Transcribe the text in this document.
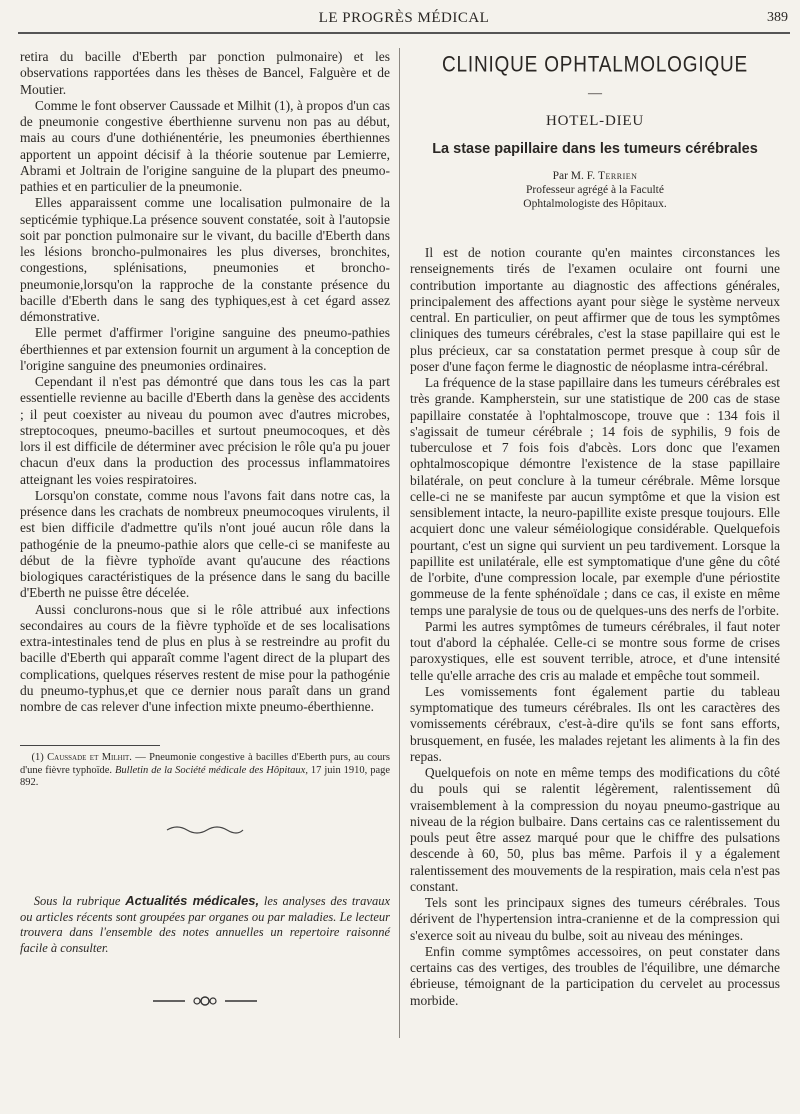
LE PROGRÈS MÉDICAL	389

retira du bacille d'Eberth par ponction pulmonaire) et les observations rapportées dans les thèses de Bancel, Falguère et de Moutier.

Comme le font observer Caussade et Milhit (1), à propos d'un cas de pneumonie congestive éberthienne survenu non pas au début, mais au cours d'une dothiénentérie, les pneumonies éberthiennes apportent un appoint décisif à la théorie soutenue par Lemierre, Abrami et Joltrain de l'origine sanguine de la plupart des pneumo-pathies et en particulier de la pneumonie.

Elles apparaissent comme une localisation pulmonaire de la septicémie typhique.La présence souvent constatée, soit à l'autopsie soit par ponction pulmonaire sur le vivant, du bacille d'Eberth dans les lésions broncho-pulmonaires les plus diverses, bronchites, congestions, splénisations, pneumonies et broncho-pneumonie,lorsqu'on la rapproche de la constante présence du bacille d'Eberth dans le sang des typhiques,est à cet égard assez démonstrative.

Elle permet d'affirmer l'origine sanguine des pneumo-pathies éberthiennes et par extension fournit un argument à la conception de l'origine sanguine des pneumonies ordinaires.

Cependant il n'est pas démontré que dans tous les cas la part essentielle revienne au bacille d'Eberth dans la genèse des accidents ; il peut coexister au niveau du poumon avec d'autres microbes, streptocoques, pneumo-bacilles et surtout pneumocoques, et dès lors il est difficile de déterminer avec précision le rôle qu'a pu jouer chacun d'eux dans la production des processus inflammatoires atteignant les voies respiratoires.

Lorsqu'on constate, comme nous l'avons fait dans notre cas, la présence dans les crachats de nombreux pneumocoques virulents, il est bien difficile d'admettre qu'ils n'ont joué aucun rôle dans la pathogénie de la pneumo-pathie alors que celle-ci se manifeste au début de la fièvre typhoïde avant qu'aucune des réactions biologiques caractéristiques de la présence dans le sang du bacille d'Eberth ne puisse être décelée.

Aussi conclurons-nous que si le rôle attribué aux infections secondaires au cours de la fièvre typhoïde et de ses localisations extra-intestinales tend de plus en plus à se restreindre au profit du bacille d'Eberth qui apparaît comme l'agent direct de la plupart des complications, quelques réserves restent de mise pour la pathogénie du pneumo-typhus,et que ce dernier nous paraît dans un grand nombre de cas relever d'une infection mixte pneumo-éberthienne.

(1) Caussade et Milhit. — Pneumonie congestive à bacilles d'Eberth purs, au cours d'une fièvre typhoïde. Bulletin de la Société médicale des Hôpitaux, 17 juin 1910, page 892.

Sous la rubrique Actualités médicales, les analyses des travaux ou articles récents sont groupées par organes ou par maladies. Le lecteur trouvera dans l'ensemble des notes annuelles un repertoire raisonné facile à consulter.

CLINIQUE OPHTALMOLOGIQUE
—
HOTEL-DIEU
La stase papillaire dans les tumeurs cérébrales
Par M. F. Terrien
Professeur agrégé à la Faculté
Ophtalmologiste des Hôpitaux.

Il est de notion courante qu'en maintes circonstances les renseignements tirés de l'examen oculaire ont fourni une contribution importante au diagnostic des affections générales, principalement des affections ayant pour siège le système nerveux central. En particulier, on peut affirmer que de tous les symptômes cliniques des tumeurs cérébrales, c'est la stase papillaire qui est le plus précieux, car sa constatation permet presque à coup sûr de poser d'une façon ferme le diagnostic de néoplasme intra-cérébral.

La fréquence de la stase papillaire dans les tumeurs cérébrales est très grande. Kampherstein, sur une statistique de 200 cas de stase papillaire constatée à l'ophtalmoscope, trouve que : 134 fois il s'agissait de tumeur cérébrale ; 14 fois de syphilis, 9 fois de tuberculose et 7 fois fois d'abcès. Lors donc que l'examen ophtalmoscopique démontre l'existence de la stase papillaire bilatérale, on peut conclure à la tumeur cérébrale. Même lorsque celle-ci ne se manifeste par aucun symptôme et que la vision est sensiblement intacte, la neuro-papillite existe presque toujours. Elle acquiert donc une valeur séméiologique considérable. Quelquefois pourtant, c'est un signe qui survient un peu tardivement. Lorsque la papillite est unilatérale, elle est symptomatique d'une gêne du côté de l'orbite, d'une compression locale, par exemple d'une périostite gommeuse de la fente sphénoïdale ; dans ce cas, il existe en même temps une paralysie de tous ou de quelques-uns des nerfs de l'orbite.

Parmi les autres symptômes de tumeurs cérébrales, il faut noter tout d'abord la céphalée. Celle-ci se montre sous forme de crises paroxystiques, elle est souvent terrible, atroce, et d'une intensité telle qu'elle arrache des cris au malade et empêche tout sommeil.

Les vomissements font également partie du tableau symptomatique des tumeurs cérébrales. Ils ont les caractères des vomissements cérébraux, c'est-à-dire qu'ils se font sans efforts, brusquement, en fusée, les malades rejetant les aliments à la fin des repas.

Quelquefois on note en même temps des modifications du côté du pouls qui se ralentit légèrement, ralentissement dû vraisemblement à la compression du noyau pneumo-gastrique au niveau de la région bulbaire. Dans certains cas ce ralentissement du pouls peut être assez marqué pour que le chiffre des pulsations descende à 60, 50, plus bas même. Parfois il y a également ralentissement des mouvements de la respiration, mais cela n'est pas constant.

Tels sont les principaux signes des tumeurs cérébrales. Tous dérivent de l'hypertension intra-cranienne et de la compression qui s'exerce soit au niveau du bulbe, soit au niveau des méninges.

Enfin comme symptômes accessoires, on peut constater dans certains cas des vertiges, des troubles de l'équilibre, une démarche ébrieuse, témoignant de la participation du cervelet au processus morbide.
